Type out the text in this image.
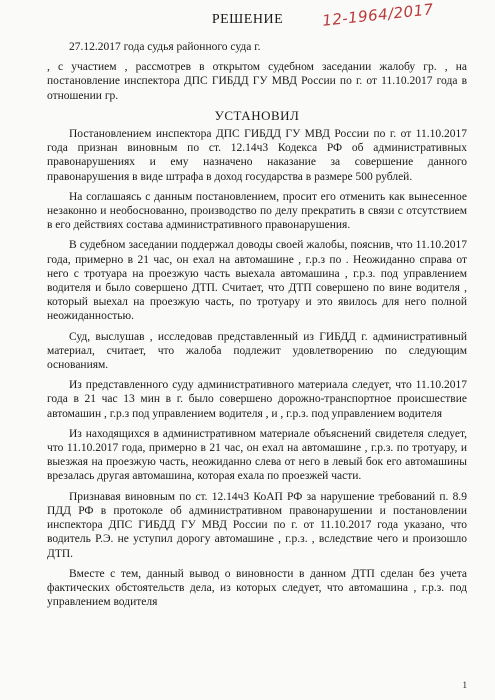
РЕШЕНИЕ	12-1964/2017

27.12.2017 года судья районного суда г.

, с участием , рассмотрев в открытом судебном заседании жалобу гр. , на постановление инспектора ДПС ГИБДД ГУ МВД России по г. от 11.10.2017 года в отношении гр.

УСТАНОВИЛ

Постановлением инспектора ДПС ГИБДД ГУ МВД России по г. от 11.10.2017 года признан виновным по ст. 12.14ч3 Кодекса РФ об административных правонарушениях и ему назначено наказание за совершение данного правонарушения в виде штрафа в доход государства в размере 500 рублей.

На соглашаясь с данным постановлением, просит его отменить как вынесенное незаконно и необоснованно, производство по делу прекратить в связи с отсутствием в его действиях состава административного правонарушения.

В судебном заседании поддержал доводы своей жалобы, пояснив, что 11.10.2017 года, примерно в 21 час, он ехал на автомашине , г.р.з по . Неожиданно справа от него с тротуара на проезжую часть выехала автомашина , г.р.з. под управлением водителя и было совершено ДТП. Считает, что ДТП совершено по вине водителя , который выехал на проезжую часть, по тротуару и это явилось для него полной неожиданностью.

Суд, выслушав , исследовав представленный из ГИБДД г. административный материал, считает, что жалоба подлежит удовлетворению по следующим основаниям.

Из представленного суду административного материала следует, что 11.10.2017 года в 21 час 13 мин в г. было совершено дорожно-транспортное происшествие автомашин , г.р.з под управлением водителя , и , г.р.з. под управлением водителя

Из находящихся в административном материале объяснений свидетеля следует, что 11.10.2017 года, примерно в 21 час, он ехал на автомашине , г.р.з. по тротуару, и выезжая на проезжую часть, неожиданно слева от него в левый бок его автомашины врезалась другая автомашина, которая ехала по проезжей части.

Признавая виновным по ст. 12.14ч3 КоАП РФ за нарушение требований п. 8.9 ПДД РФ в протоколе об административном правонарушении и постановлении инспектора ДПС ГИБДД ГУ МВД России по г. от 11.10.2017 года указано, что водитель Р.Э. не уступил дорогу автомашине , г.р.з. , вследствие чего и произошло ДТП.

Вместе с тем, данный вывод о виновности в данном ДТП сделан без учета фактических обстоятельств дела, из которых следует, что автомашина , г.р.з. под управлением водителя

1
